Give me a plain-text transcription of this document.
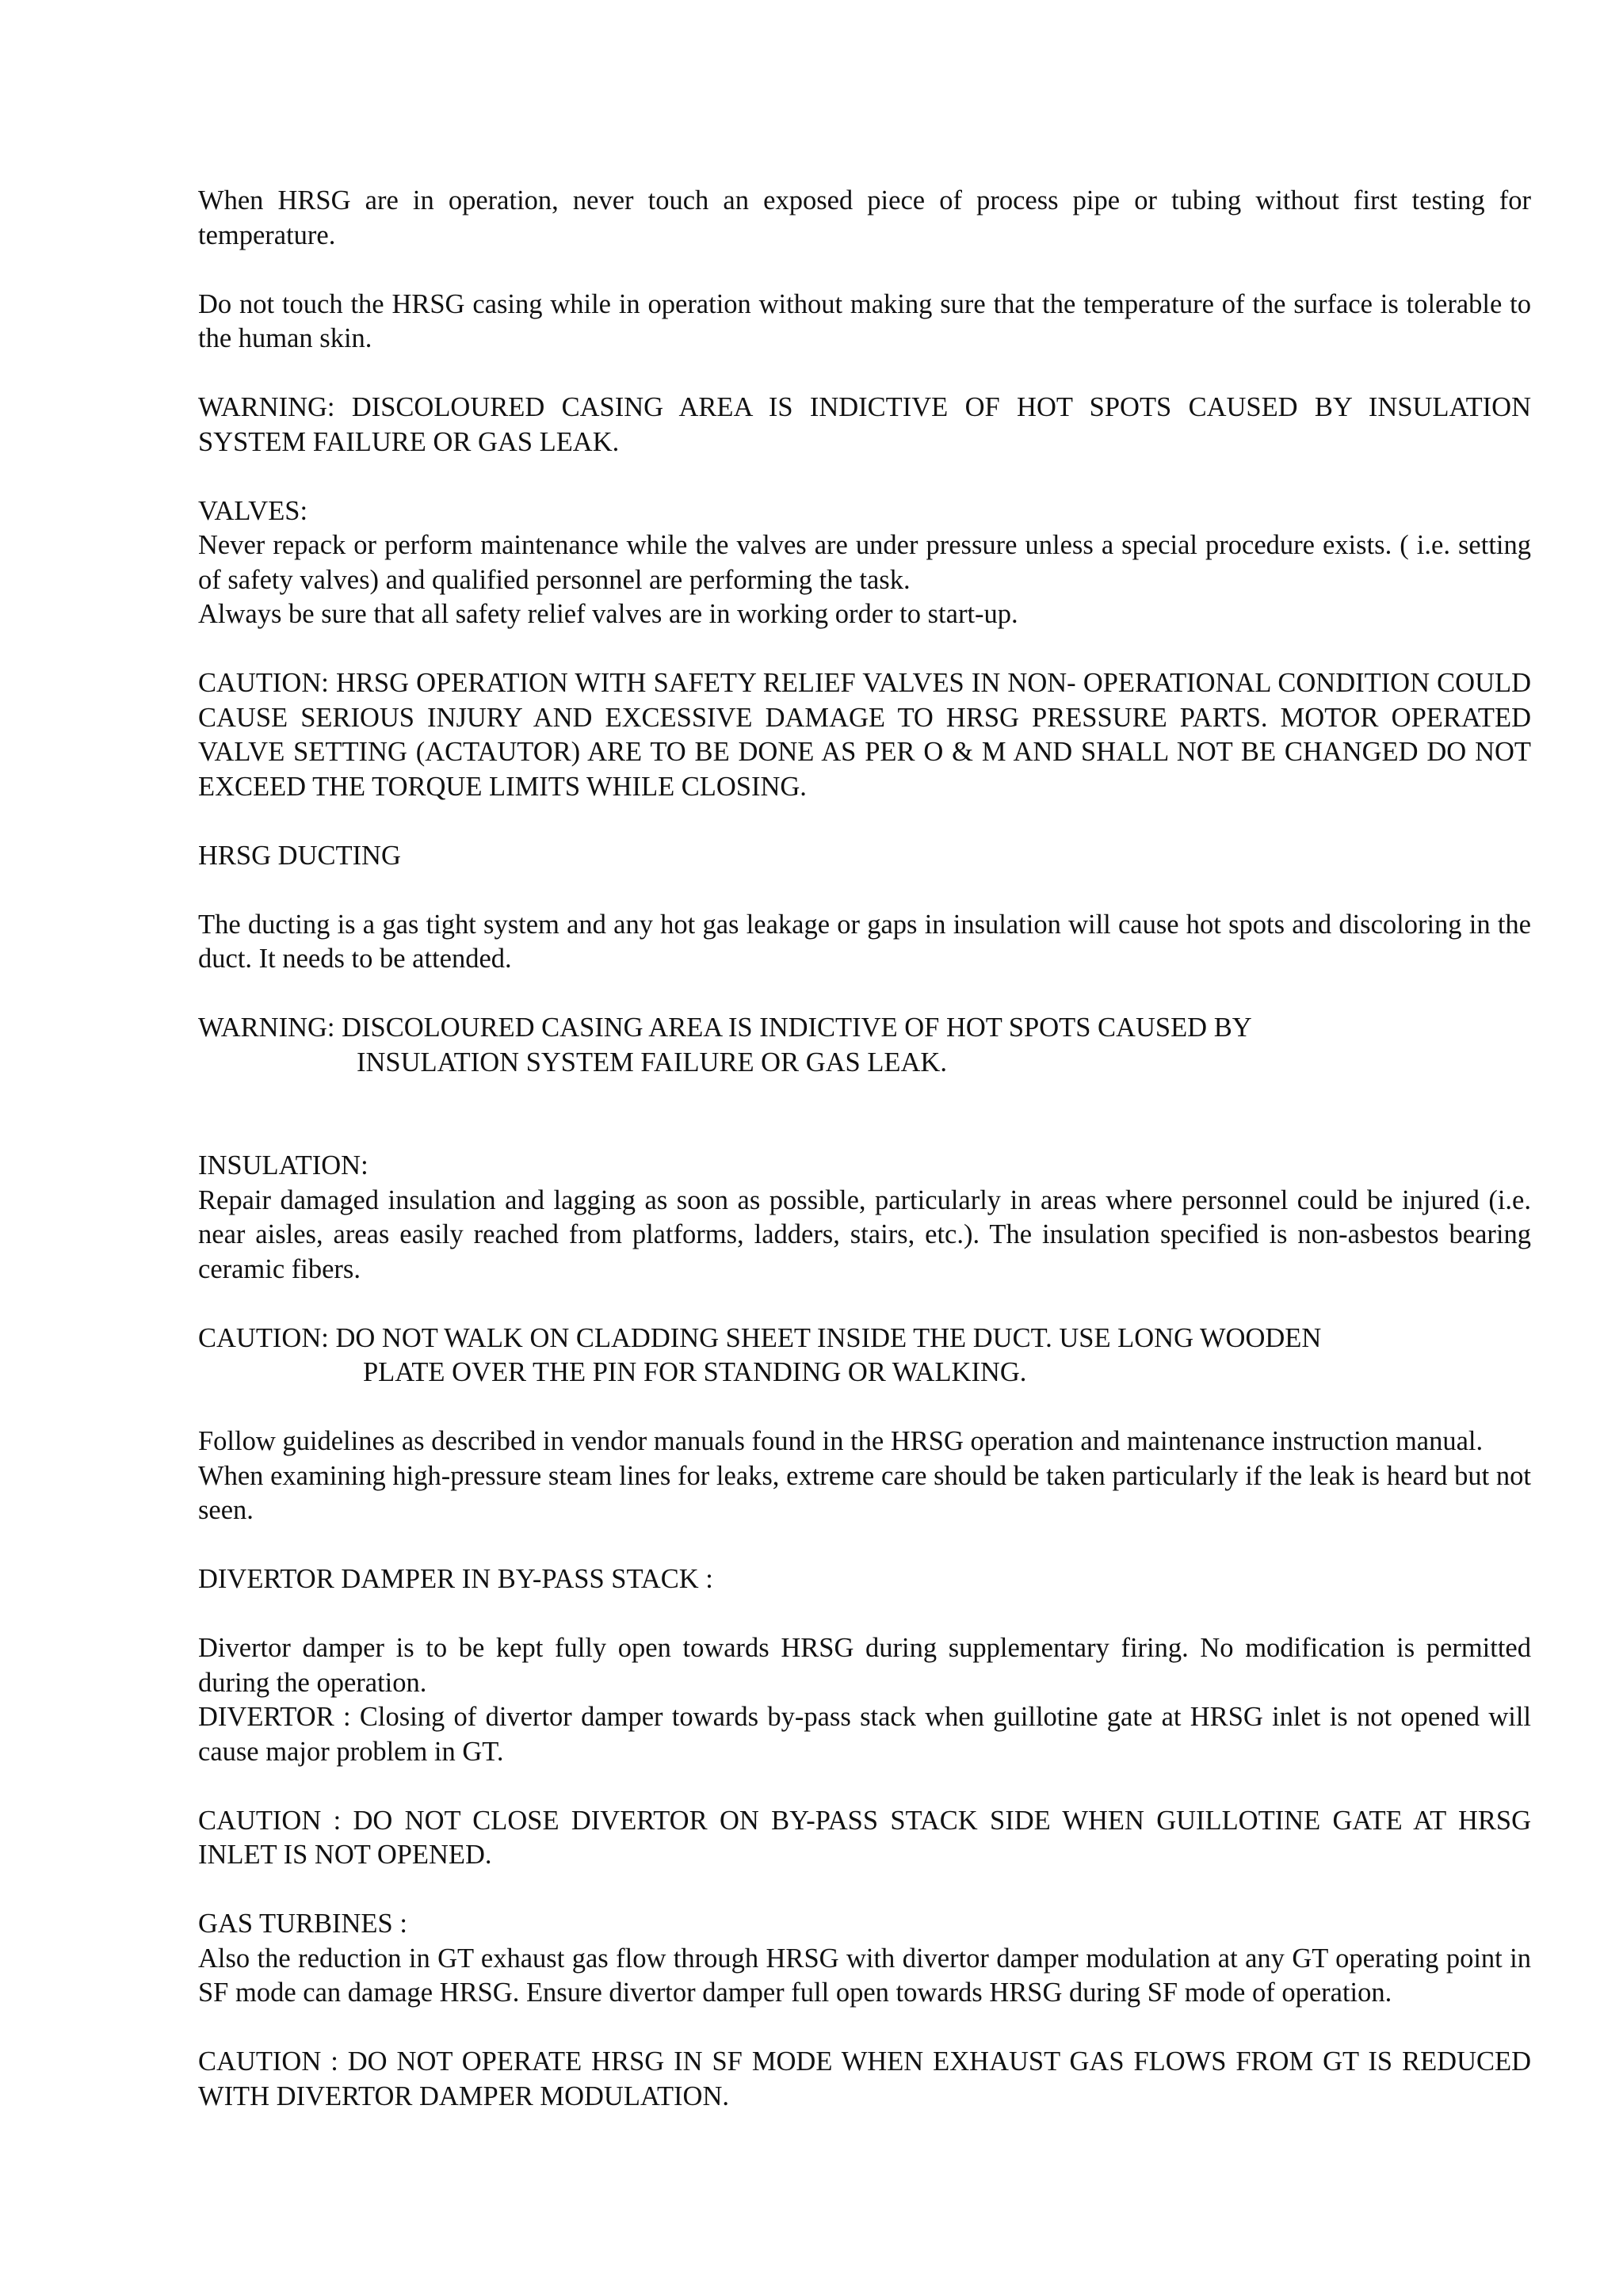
When HRSG are in operation, never touch an exposed piece of process pipe or tubing without first testing for temperature.

Do not touch the HRSG casing while in operation without making sure that the temperature of the surface is tolerable to the human skin.

WARNING: DISCOLOURED CASING AREA IS INDICTIVE OF HOT SPOTS CAUSED BY INSULATION SYSTEM FAILURE OR GAS LEAK.

VALVES:
Never repack or perform maintenance while the valves are under pressure unless a special procedure exists. ( i.e. setting of safety valves) and qualified personnel are performing the task.
Always be sure that all safety relief valves are in working order to start-up.

CAUTION: HRSG OPERATION WITH SAFETY RELIEF VALVES IN NON- OPERATIONAL CONDITION COULD CAUSE SERIOUS INJURY AND EXCESSIVE DAMAGE TO HRSG PRESSURE PARTS. MOTOR OPERATED VALVE SETTING (ACTAUTOR) ARE TO BE DONE AS PER O & M AND SHALL NOT BE CHANGED DO NOT EXCEED THE TORQUE LIMITS WHILE CLOSING.

HRSG DUCTING

The ducting is a gas tight system and any hot gas leakage or gaps in insulation will cause hot spots and discoloring in the duct. It needs to be attended.

WARNING: DISCOLOURED CASING AREA IS INDICTIVE OF HOT SPOTS CAUSED BY
INSULATION SYSTEM FAILURE OR GAS LEAK.
INSULATION:
Repair damaged insulation and lagging as soon as possible, particularly in areas where personnel could be injured (i.e. near aisles, areas easily reached from platforms, ladders, stairs, etc.). The insulation specified is non-asbestos bearing ceramic fibers.
CAUTION: DO NOT WALK ON CLADDING SHEET INSIDE THE DUCT. USE LONG WOODEN
PLATE OVER THE PIN FOR STANDING OR WALKING.
Follow guidelines as described in vendor manuals found in the HRSG operation and maintenance instruction manual.
When examining high-pressure steam lines for leaks, extreme care should be taken particularly if the leak is heard but not seen.

DIVERTOR DAMPER IN BY-PASS STACK :

Divertor damper is to be kept fully open towards HRSG during supplementary firing. No modification is permitted during the operation.
DIVERTOR : Closing of divertor damper towards by-pass stack when guillotine gate at HRSG inlet is not opened will cause major problem in GT.

CAUTION : DO NOT CLOSE DIVERTOR ON BY-PASS STACK SIDE WHEN GUILLOTINE GATE AT HRSG INLET IS NOT OPENED.

GAS TURBINES :
Also the reduction in GT exhaust gas flow through HRSG with divertor damper modulation at any GT operating point in SF mode can damage HRSG. Ensure divertor damper full open towards HRSG during SF mode of operation.

CAUTION : DO NOT OPERATE HRSG IN SF MODE WHEN EXHAUST GAS FLOWS FROM GT IS REDUCED WITH DIVERTOR DAMPER MODULATION.
